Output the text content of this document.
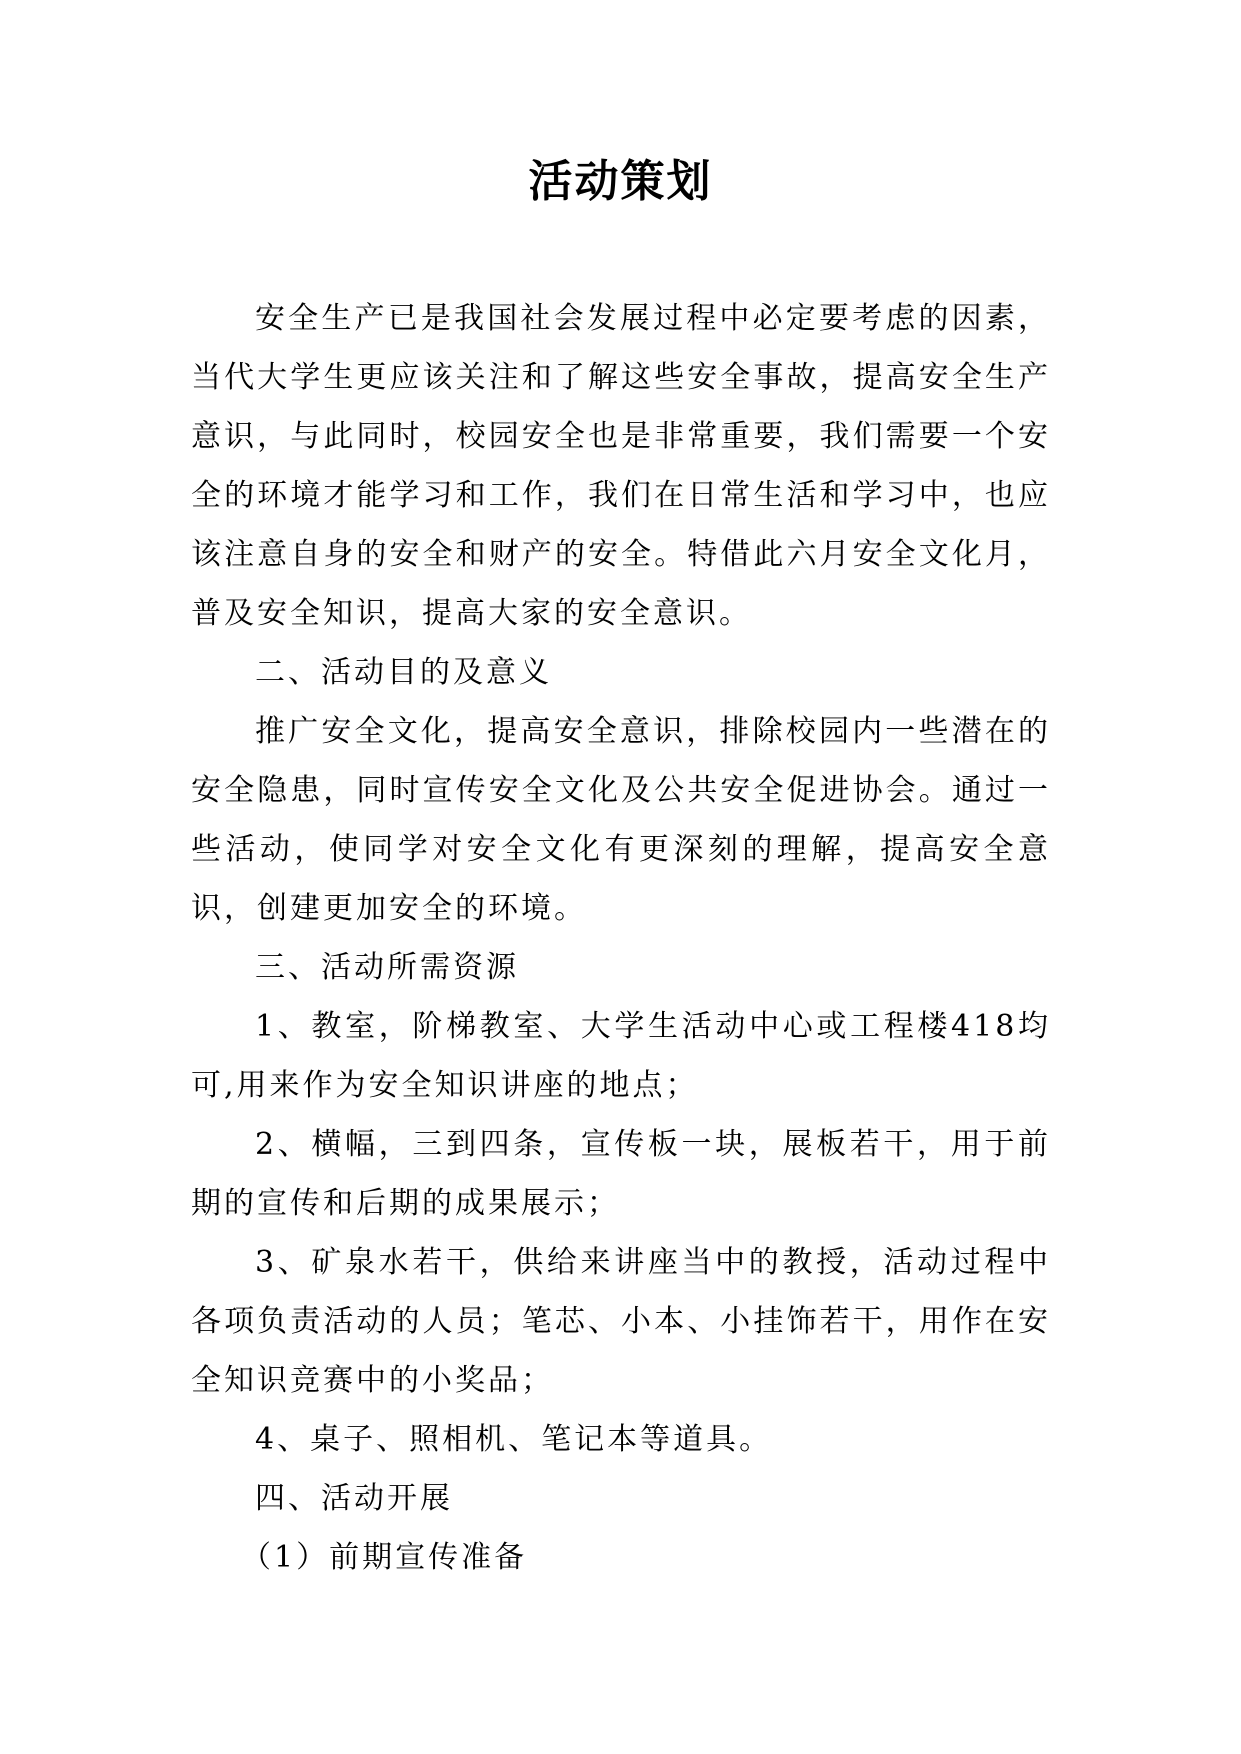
活动策划

安全生产已是我国社会发展过程中必定要考虑的因素，当代大学生更应该关注和了解这些安全事故，提高安全生产意识，与此同时，校园安全也是非常重要，我们需要一个安全的环境才能学习和工作，我们在日常生活和学习中，也应该注意自身的安全和财产的安全。特借此六月安全文化月，普及安全知识，提高大家的安全意识。

二、活动目的及意义

推广安全文化，提高安全意识，排除校园内一些潜在的安全隐患，同时宣传安全文化及公共安全促进协会。通过一些活动，使同学对安全文化有更深刻的理解，提高安全意识，创建更加安全的环境。

三、活动所需资源

1、教室，阶梯教室、大学生活动中心或工程楼418均可,用来作为安全知识讲座的地点；

2、横幅，三到四条，宣传板一块，展板若干，用于前期的宣传和后期的成果展示；

3、矿泉水若干，供给来讲座当中的教授，活动过程中各项负责活动的人员；笔芯、小本、小挂饰若干，用作在安全知识竞赛中的小奖品；

4、桌子、照相机、笔记本等道具。

四、活动开展

（1）前期宣传准备
